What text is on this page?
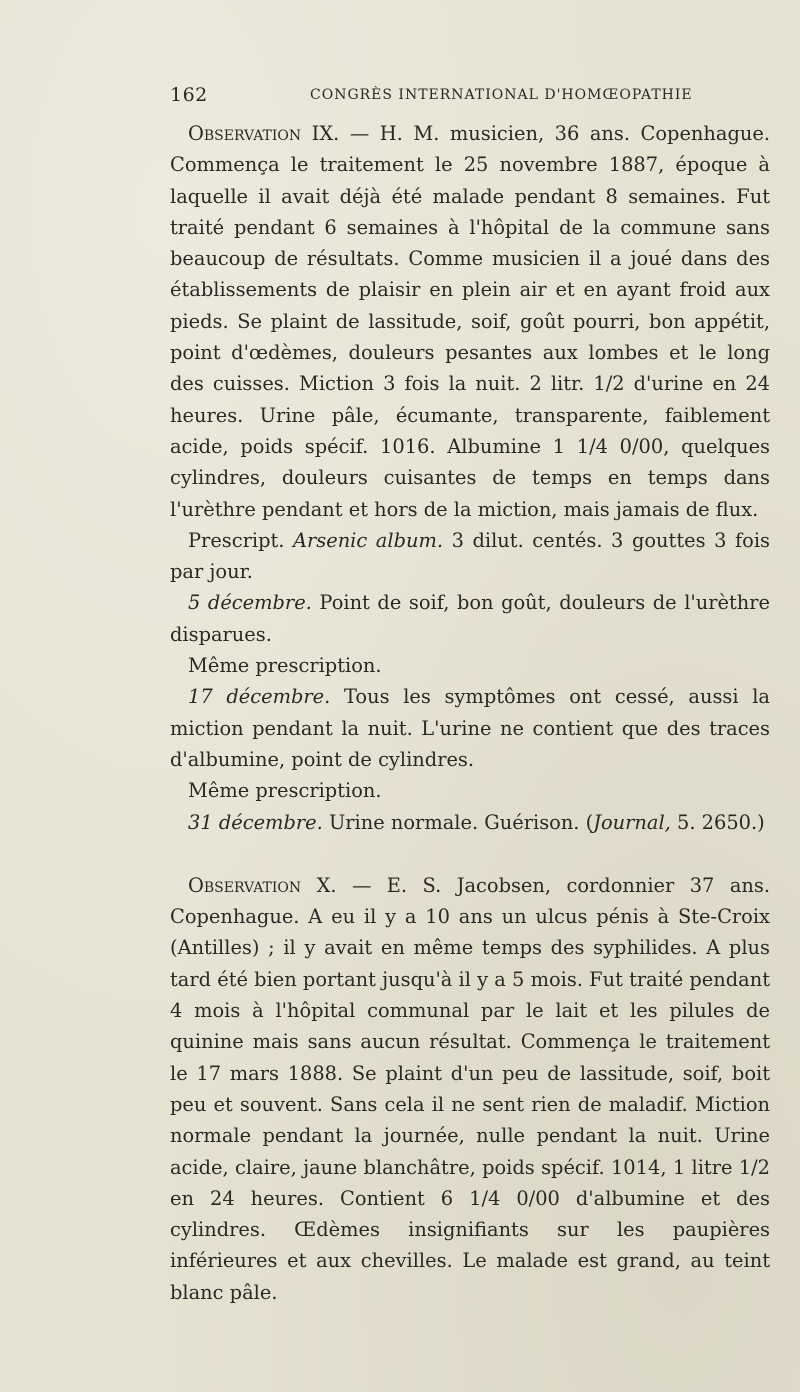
162	CONGRÈS INTERNATIONAL D'HOMŒOPATHIE

Observation IX. — H. M. musicien, 36 ans. Copenhague. Commença le traitement le 25 novembre 1887, époque à laquelle il avait déjà été malade pendant 8 semaines. Fut traité pendant 6 semaines à l'hôpital de la commune sans beaucoup de résultats. Comme musicien il a joué dans des établissements de plaisir en plein air et en ayant froid aux pieds. Se plaint de lassitude, soif, goût pourri, bon appétit, point d'œdèmes, douleurs pesantes aux lombes et le long des cuisses. Miction 3 fois la nuit. 2 litr. 1/2 d'urine en 24 heures. Urine pâle, écumante, transparente, faiblement acide, poids spécif. 1016. Albumine 1 1/4 0/00, quelques cylindres, douleurs cuisantes de temps en temps dans l'urèthre pendant et hors de la miction, mais jamais de flux.

Prescript. Arsenic album. 3 dilut. centés. 3 gouttes 3 fois par jour.

5 décembre. Point de soif, bon goût, douleurs de l'urèthre disparues.

Même prescription.

17 décembre. Tous les symptômes ont cessé, aussi la miction pendant la nuit. L'urine ne contient que des traces d'albumine, point de cylindres.

Même prescription.

31 décembre. Urine normale. Guérison. (Journal, 5. 2650.)

Observation X. — E. S. Jacobsen, cordonnier 37 ans. Copenhague. A eu il y a 10 ans un ulcus pénis à Ste-Croix (Antilles) ; il y avait en même temps des syphilides. A plus tard été bien portant jusqu'à il y a 5 mois. Fut traité pendant 4 mois à l'hôpital communal par le lait et les pilules de quinine mais sans aucun résultat. Commença le traitement le 17 mars 1888. Se plaint d'un peu de lassitude, soif, boit peu et souvent. Sans cela il ne sent rien de maladif. Miction normale pendant la journée, nulle pendant la nuit. Urine acide, claire, jaune blanchâtre, poids spécif. 1014, 1 litre 1/2 en 24 heures. Contient 6 1/4 0/00 d'albumine et des cylindres. Œdèmes insignifiants sur les paupières inférieures et aux chevilles. Le malade est grand, au teint blanc pâle.
